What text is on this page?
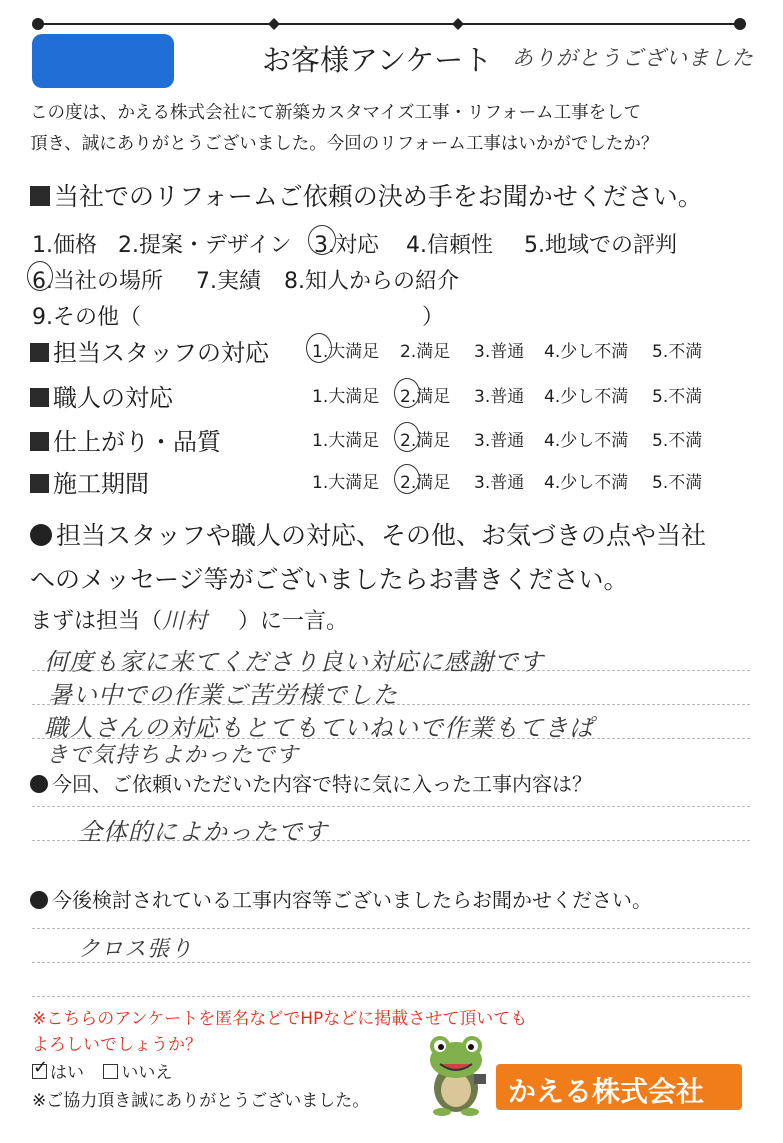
お客様アンケート ありがとうございました
この度は、かえる株式会社にて新築カスタマイズ工事・リフォーム工事をして
頂き、誠にありがとうございました。今回のリフォーム工事はいかがでしたか？
当社でのリフォームご依頼の決め手をお聞かせください。
1.価格 2.提案・デザイン 3.対応 4.信頼性 5.地域での評判
6.当社の場所 7.実績 8.知人からの紹介
9.その他（	）
担当スタッフの対応	1.大満足 2.満足 3.普通 4.少し不満 5.不満
職人の対応	1.大満足 2.満足 3.普通 4.少し不満 5.不満
仕上がり・品質	1.大満足 2.満足 3.普通 4.少し不満 5.不満
施工期間	1.大満足 2.満足 3.普通 4.少し不満 5.不満
担当スタッフや職人の対応、その他、お気づきの点や当社
へのメッセージ等がございましたらお書きください。
まずは担当（川村 ）に一言。
何度も家に来てくださり良い対応に感謝です
暑い中での作業ご苦労様でした
職人さんの対応もとてもていねいで作業もてきぱ
きで気持ちよかったです
今回、ご依頼いただいた内容で特に気に入った工事内容は？
全体的によかったです
今後検討されている工事内容等ございましたらお聞かせください。
クロス張り
※こちらのアンケートを匿名などでHPなどに掲載させて頂いても
よろしいでしょうか？
✓ はい いいえ
※ご協力頂き誠にありがとうございました。	かえる株式会社
